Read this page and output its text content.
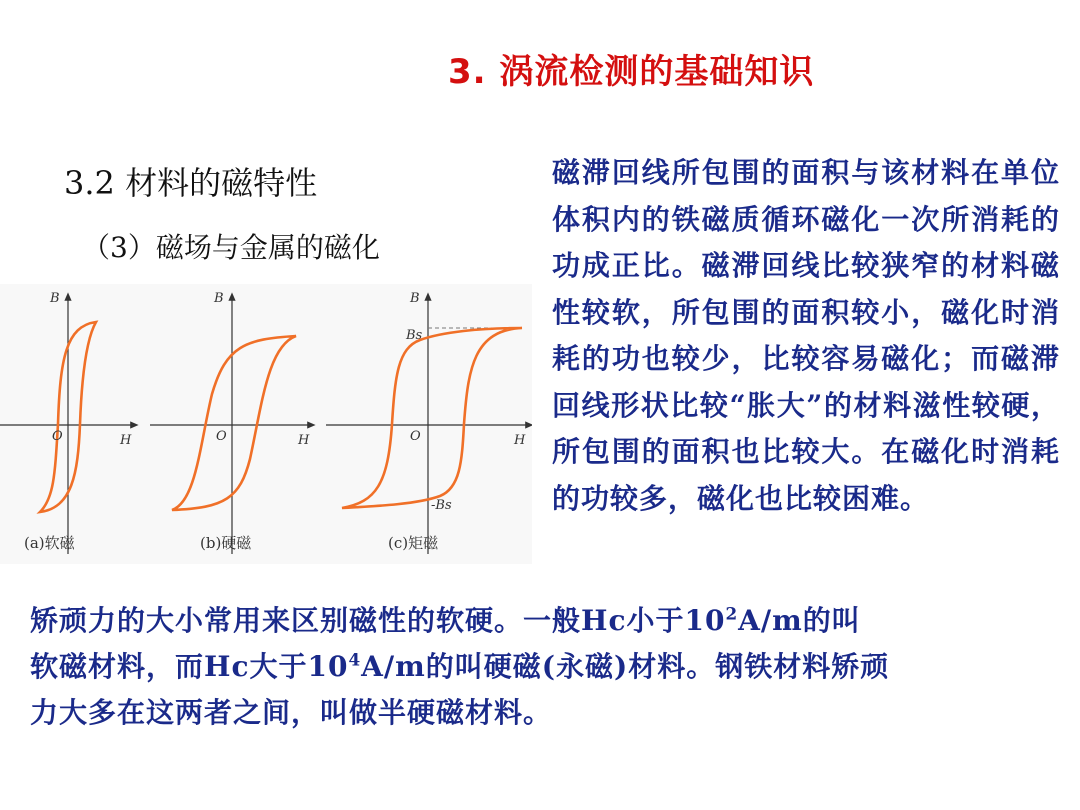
3. 涡流检测的基础知识
3.2 材料的磁特性
（3）磁场与金属的磁化
B
H
O
(a)软磁
B
H
O
(b)硬磁
B
Bs
-Bs
H
O
(c)矩磁
磁滞回线所包围的面积与该材料在单位体积内的铁磁质循环磁化一次所消耗的功成正比。磁滞回线比较狭窄的材料磁性较软，所包围的面积较小，磁化时消耗的功也较少，比较容易磁化；而磁滞回线形状比较“胀大”的材料滋性较硬，所包围的面积也比较大。在磁化时消耗的功较多，磁化也比较困难。

矫顽力的大小常用来区别磁性的软硬。一般Hc小于$10^2A/m$的叫

软磁材料，而Hc大于$10^4A/m$的叫硬磁(永磁)材料。钢铁材料矫顽

力大多在这两者之间，叫做半硬磁材料。
